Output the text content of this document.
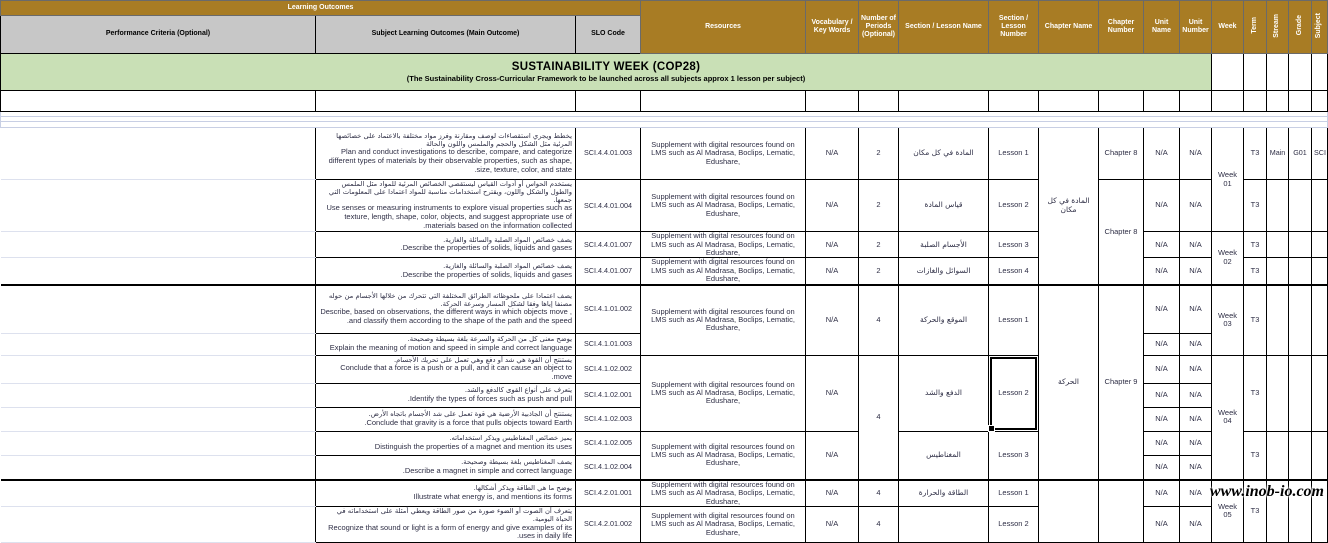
Learning Outcomes			Resources	Vocabulary / Key Words	Number of Periods (Optional)	Section / Lesson Name	Section / Lesson Number	Chapter Name	Chapter Number	Unit Name	Unit Number	Week	Term	Stream	Grade	Subject
Performance Criteria (Optional)	Subject Learning Outcomes (Main Outcome)	SLO Code														

SUSTAINABILITY WEEK (COP28)
(The Sustainability Cross-Curricular Framework to be launched across all subjects approx 1 lesson per subject)																

	يخطط ويجري استقصاءات لوصف ومقارنة وفرز مواد مختلفة بالاعتماد على خصائصها المرئية مثل الشكل والحجم والملمس واللون والحالة
Plan and conduct investigations to describe, compare, and categorize different types of materials by their observable properties, such as shape, size, texture, color, and state.	SCI.4.4.01.003	Supplement with digital resources found on LMS such as Al Madrasa, Boclips, Lematic, Edushare,	N/A	2	المادة في كل مكان	Lesson 1	المادة في كل مكان	Chapter 8	N/A	N/A	Week 01	T3	Main	G01	SCI

	يستخدم الحواس أو أدوات القياس ليستقصي الخصائص المرئية للمواد مثل الملمس والطول والشكل واللون، ويقترح استخدامات مناسبة للمواد اعتمادا على المعلومات التي جمعها.
Use senses or measuring instruments to explore visual properties such as texture, length, shape, color, objects, and suggest appropriate use of materials based on the information collected.	SCI.4.4.01.004	Supplement with digital resources found on LMS such as Al Madrasa, Boclips, Lematic, Edushare,	N/A	2	قياس المادة	Lesson 2		Chapter 8	N/A	N/A		T3			

	يصف خصائص المواد الصلبة والسائلة والغازية.
Describe the properties of solids, liquids and gases.	SCI.4.4.01.007	Supplement with digital resources found on LMS such as Al Madrasa, Boclips, Lematic, Edushare,	N/A	2	الأجسام الصلبة	Lesson 3			N/A	N/A	Week 02	T3			

	يصف خصائص المواد الصلبة والسائلة والغازية.
Describe the properties of solids, liquids and gases.	SCI.4.4.01.007	Supplement with digital resources found on LMS such as Al Madrasa, Boclips, Lematic, Edushare,	N/A	2	السوائل والغازات	Lesson 4			N/A	N/A		T3			

	يصف اعتمادا على ملحوظاته الطرائق المختلفة التي تتحرك من خلالها الأجسام من حوله مصنفا إياها وفقا لشكل المسار وسرعة الحركة.
Describe, based on observations, the different ways in which objects move , and classify them according to the shape of the path and the speed.	SCI.4.1.01.002	Supplement with digital resources found on LMS such as Al Madrasa, Boclips, Lematic, Edushare,	N/A	4	الموقع والحركة	Lesson 1	الحركة	Chapter 9	N/A	N/A	Week 03	T3			

	يوضح معنى كل من الحركة والسرعة بلغة بسيطة وصحيحة.
Explain the meaning of motion and speed in simple and correct language	SCI.4.1.01.003								N/A	N/A					

	يستنتج أن القوة هي شد أو دفع وهي تعمل على تحريك الأجسام.
Conclude that a force is a push or a pull, and it can cause an object to move.	SCI.4.1.02.002	Supplement with digital resources found on LMS such as Al Madrasa, Boclips, Lematic, Edushare,	N/A	4	الدفع والشد	Lesson 2			N/A	N/A	Week 04	T3			

	يتعرف على أنواع القوى كالدفع والشد.
Identify the types of forces such as push and pull.	SCI.4.1.02.001								N/A	N/A					

	يستنتج أن الجاذبية الأرضية هي قوة تعمل على شد الأجسام باتجاه الأرض.
Conclude that gravity is a force that pulls objects toward Earth.	SCI.4.1.02.003								N/A	N/A					

	يميز خصائص المغناطيس ويذكر استخداماته.
Distinguish the properties of a magnet and mention its uses	SCI.4.1.02.005	Supplement with digital resources found on LMS such as Al Madrasa, Boclips, Lematic, Edushare,	N/A		المغناطيس	Lesson 3			N/A	N/A		T3			

	يصف المغناطيس بلغة بسيطة وصحيحة.
Describe a magnet in simple and correct language.	SCI.4.1.02.004								N/A	N/A					

	يوضح ما هي الطاقة ويذكر أشكالها.
Illustrate what energy is, and mentions its forms	SCI.4.2.01.001	Supplement with digital resources found on LMS such as Al Madrasa, Boclips, Lematic, Edushare,	N/A	4	الطاقة والحرارة	Lesson 1			N/A	N/A	Week 05	T3			

	يتعرف أن الصوت أو الضوء صورة من صور الطاقة ويعطي أمثلة على استخداماته في الحياة اليومية.
Recognize that sound or light is a form of energy and give examples of its uses in daily life.	SCI.4.2.01.002	Supplement with digital resources found on LMS such as Al Madrasa, Boclips, Lematic, Edushare,	N/A	4		Lesson 2			N/A	N/A					
www.inob-io.com
